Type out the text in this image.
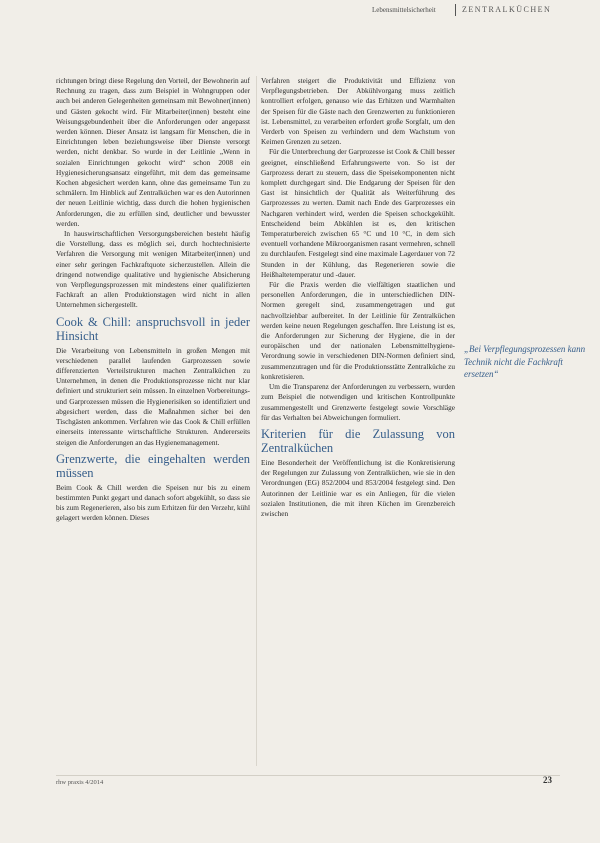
Lebensmittelsicherheit	ZENTRALKÜCHEN

richtungen bringt diese Regelung den Vorteil, der Bewohnerin auf Rechnung zu tragen, dass zum Beispiel in Wohngruppen oder auch bei anderen Gelegenheiten gemeinsam mit Bewohner(innen) und Gästen gekocht wird. Für Mitarbeiter(innen) besteht eine Weisungsgebundenheit über die Anforderungen oder angepasst werden können. Dieser Ansatz ist langsam für Menschen, die in Einrichtungen leben beziehungsweise über Dienste versorgt werden, nicht denkbar. So wurde in der Leitlinie „Wenn in sozialen Einrichtungen gekocht wird“ schon 2008 ein Hygienesicherungsansatz eingeführt, mit dem das gemeinsame Kochen abgesichert werden kann, ohne das gemeinsame Tun zu schmälern. Im Hinblick auf Zentralküchen war es den Autorinnen der neuen Leitlinie wichtig, dass durch die hohen hygienischen Anforderungen, die zu erfüllen sind, deutlicher und bewusster werden.

In hauswirtschaftlichen Versorgungsbereichen besteht häufig die Vorstellung, dass es möglich sei, durch hochtechnisierte Verfahren die Versorgung mit wenigen Mitarbeiter(innen) und einer sehr geringen Fachkraftquote sicherzustellen. Allein die dringend notwendige qualitative und hygienische Absicherung von Verpflegungsprozessen mit mindestens einer qualifizierten Fachkraft an allen Produktionstagen wird nicht in allen Unternehmen sichergestellt.

Cook & Chill: anspruchsvoll in jeder Hinsicht

Die Verarbeitung von Lebensmitteln in großen Mengen mit verschiedenen parallel laufenden Garprozessen sowie differenzierten Verteilstrukturen machen Zentralküchen zu Unternehmen, in denen die Produktionsprozesse nicht nur klar definiert und strukturiert sein müssen. In einzelnen Vorbereitungs- und Garprozessen müssen die Hygienerisiken so identifiziert und abgesichert werden, dass die Maßnahmen sicher bei den Tischgästen ankommen. Verfahren wie das Cook & Chill erfüllen einerseits interessante wirtschaftliche Strukturen. Andererseits steigen die Anforderungen an das Hygienemanagement.

Grenzwerte, die eingehalten werden müssen

Beim Cook & Chill werden die Speisen nur bis zu einem bestimmten Punkt gegart und danach sofort abgekühlt, so dass sie bis zum Regenerieren, also bis zum Erhitzen für den Verzehr, kühl gelagert werden können. Dieses

Verfahren steigert die Produktivität und Effizienz von Verpflegungsbetrieben. Der Abkühlvorgang muss zeitlich kontrolliert erfolgen, genauso wie das Erhitzen und Warmhalten der Speisen für die Gäste nach den Grenzwerten zu funktionieren ist. Lebensmittel, zu verarbeiten erfordert große Sorgfalt, um den Verderb von Speisen zu verhindern und dem Wachstum von Keimen Grenzen zu setzen.

Für die Unterbrechung der Garprozesse ist Cook & Chill besser geeignet, einschließend Erfahrungswerte von. So ist der Garprozess derart zu steuern, dass die Speisekomponenten nicht komplett durchgegart sind. Die Endgarung der Speisen für den Gast ist hinsichtlich der Qualität als Weiterführung des Garprozesses zu werten. Damit nach Ende des Garprozesses ein Nachgaren verhindert wird, werden die Speisen schockgekühlt. Entscheidend beim Abkühlen ist es, den kritischen Temperaturbereich zwischen 65 °C und 10 °C, in dem sich eventuell vorhandene Mikroorganismen rasant vermehren, schnell zu durchlaufen. Festgelegt sind eine maximale Lagerdauer von 72 Stunden in der Kühlung, das Regenerieren sowie die Heißhaltetemperatur und -dauer.

Für die Praxis werden die vielfältigen staatlichen und personellen Anforderungen, die in unterschiedlichen DIN-Normen geregelt sind, zusammengetragen und gut nachvollziehbar aufbereitet. In der Leitlinie für Zentralküchen werden keine neuen Regelungen geschaffen. Ihre Leistung ist es, die Anforderungen zur Sicherung der Hygiene, die in der europäischen und der nationalen Lebensmittelhygiene-Verordnung sowie in verschiedenen DIN-Normen definiert sind, zusammenzutragen und für die Produktionsstätte Zentralküche zu konkretisieren.

Um die Transparenz der Anforderungen zu verbessern, wurden zum Beispiel die notwendigen und kritischen Kontrollpunkte zusammengestellt und Grenzwerte festgelegt sowie Vorschläge für das Verhalten bei Abweichungen formuliert.

Kriterien für die Zulassung von Zentralküchen

Eine Besonderheit der Veröffentlichung ist die Konkretisierung der Regelungen zur Zulassung von Zentralküchen, wie sie in den Verordnungen (EG) 852/2004 und 853/2004 festgelegt sind. Den Autorinnen der Leitlinie war es ein Anliegen, für die vielen sozialen Institutionen, die mit ihren Küchen im Grenzbereich zwischen

„Bei Verpflegungsprozessen kann Technik nicht die Fachkraft ersetzen“
rhw praxis 4/2014	23
